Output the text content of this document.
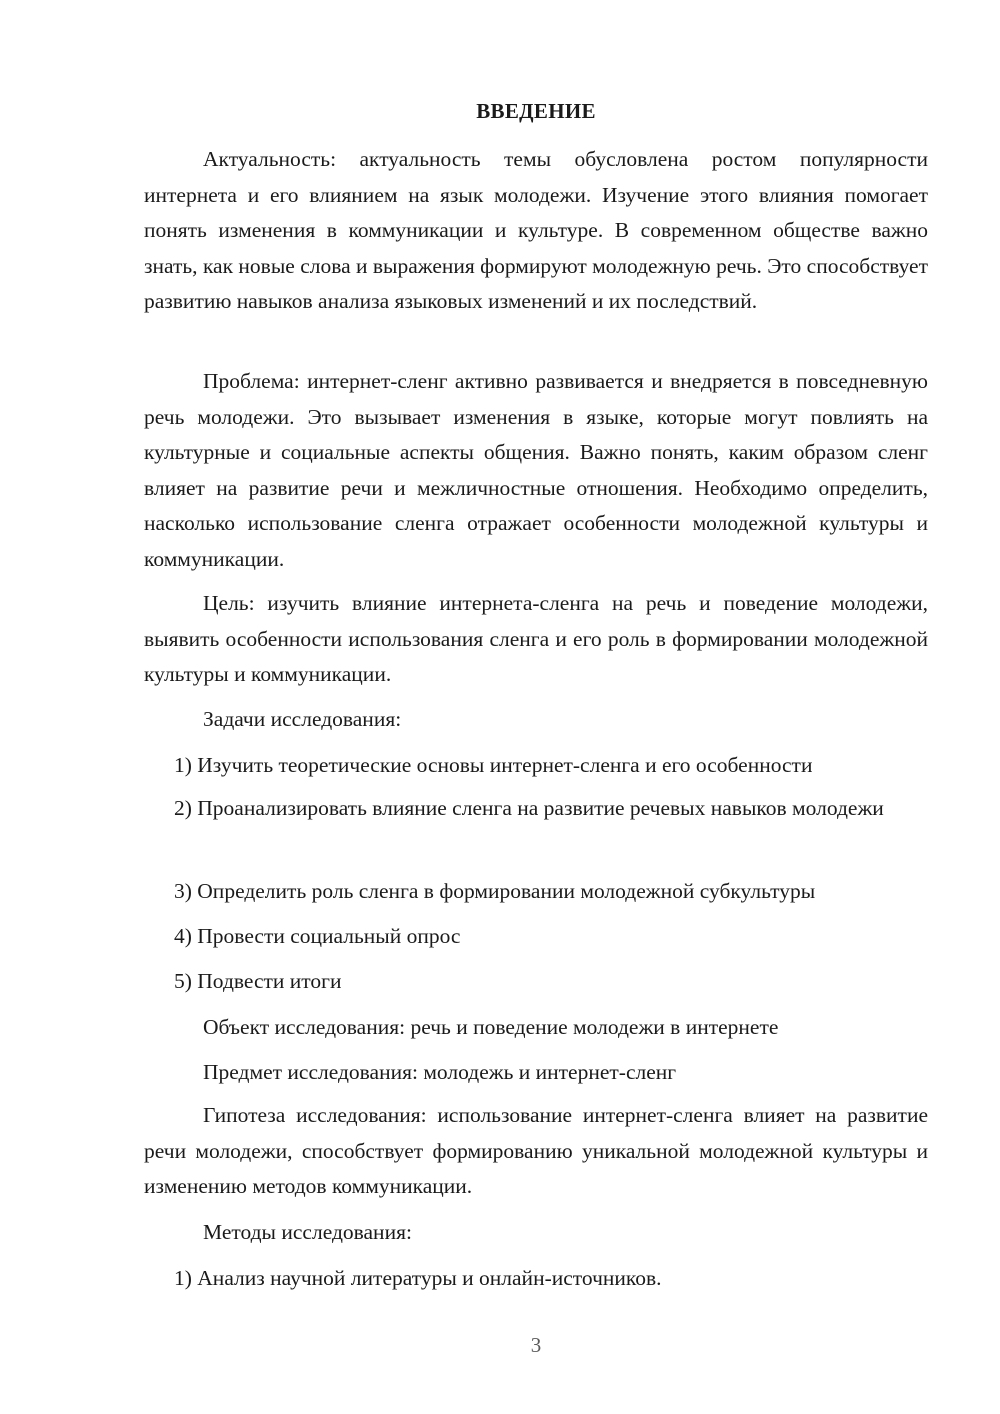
ВВЕДЕНИЕ

Актуальность: актуальность темы обусловлена ростом популярности интернета и его влиянием на язык молодежи. Изучение этого влияния помогает понять изменения в коммуникации и культуре. В современном обществе важно знать, как новые слова и выражения формируют молодежную речь. Это способствует развитию навыков анализа языковых изменений и их последствий.

Проблема: интернет-сленг активно развивается и внедряется в повседневную речь молодежи. Это вызывает изменения в языке, которые могут повлиять на культурные и социальные аспекты общения. Важно понять, каким образом сленг влияет на развитие речи и межличностные отношения. Необходимо определить, насколько использование сленга отражает особенности молодежной культуры и коммуникации.

Цель: изучить влияние интернета-сленга на речь и поведение молодежи, выявить особенности использования сленга и его роль в формировании молодежной культуры и коммуникации.

Задачи исследования:

1) Изучить теоретические основы интернет-сленга и его особенности

2) Проанализировать влияние сленга на развитие речевых навыков молодежи

3) Определить роль сленга в формировании молодежной субкультуры

4) Провести социальный опрос

5) Подвести итоги

Объект исследования: речь и поведение молодежи в интернете

Предмет исследования: молодежь и интернет-сленг

Гипотеза исследования: использование интернет-сленга влияет на развитие речи молодежи, способствует формированию уникальной молодежной культуры и изменению методов коммуникации.

Методы исследования:

1) Анализ научной литературы и онлайн-источников.

3
